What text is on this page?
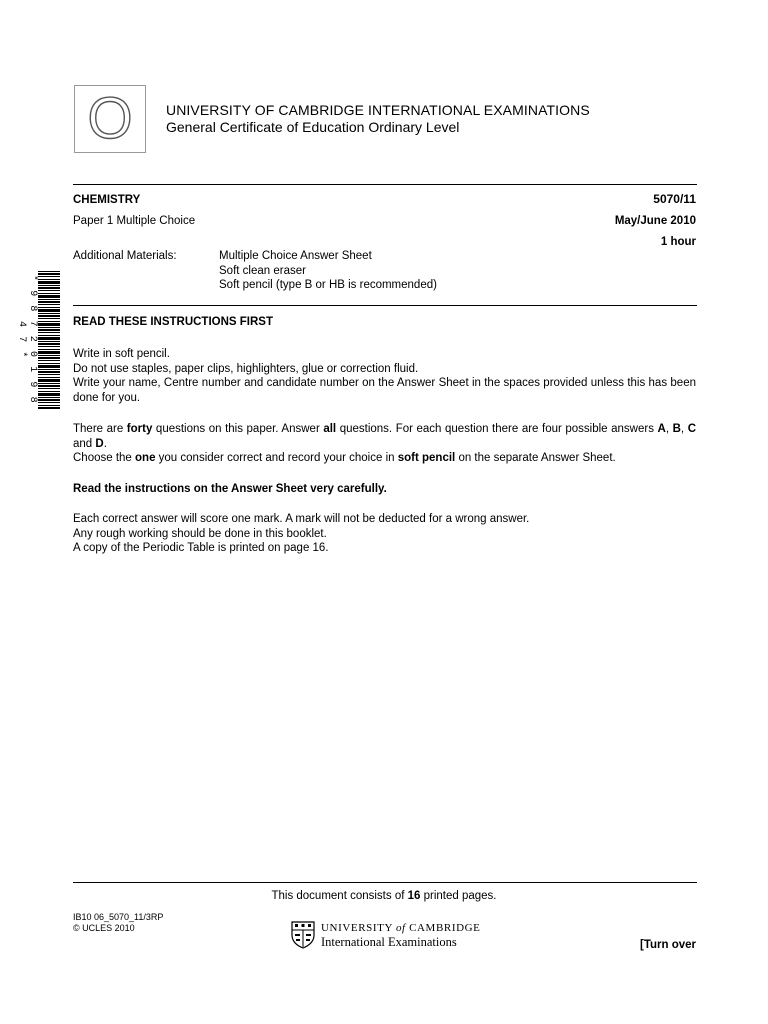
O UNIVERSITY OF CAMBRIDGE INTERNATIONAL EXAMINATIONS
General Certificate of Education Ordinary Level
CHEMISTRY	5070/11
Paper 1 Multiple Choice	May/June 2010
1 hour
Additional Materials:	Multiple Choice Answer Sheet
Soft clean eraser
Soft pencil (type B or HB is recommended)
* 9 8 7 2 0 1 9 8 4 7 *	READ THESE INSTRUCTIONS FIRST
Write in soft pencil.
Do not use staples, paper clips, highlighters, glue or correction fluid.
Write your name, Centre number and candidate number on the Answer Sheet in the spaces provided unless this has been done for you.
There are forty questions on this paper. Answer all questions. For each question there are four possible answers A, B, C and D.
Choose the one you consider correct and record your choice in soft pencil on the separate Answer Sheet.
Read the instructions on the Answer Sheet very carefully.
Each correct answer will score one mark. A mark will not be deducted for a wrong answer.
Any rough working should be done in this booklet.
A copy of the Periodic Table is printed on page 16.
This document consists of 16 printed pages.
IB10 06_5070_11/3RP
© UCLES 2010	UNIVERSITY of CAMBRIDGE
International Examinations	[Turn over
